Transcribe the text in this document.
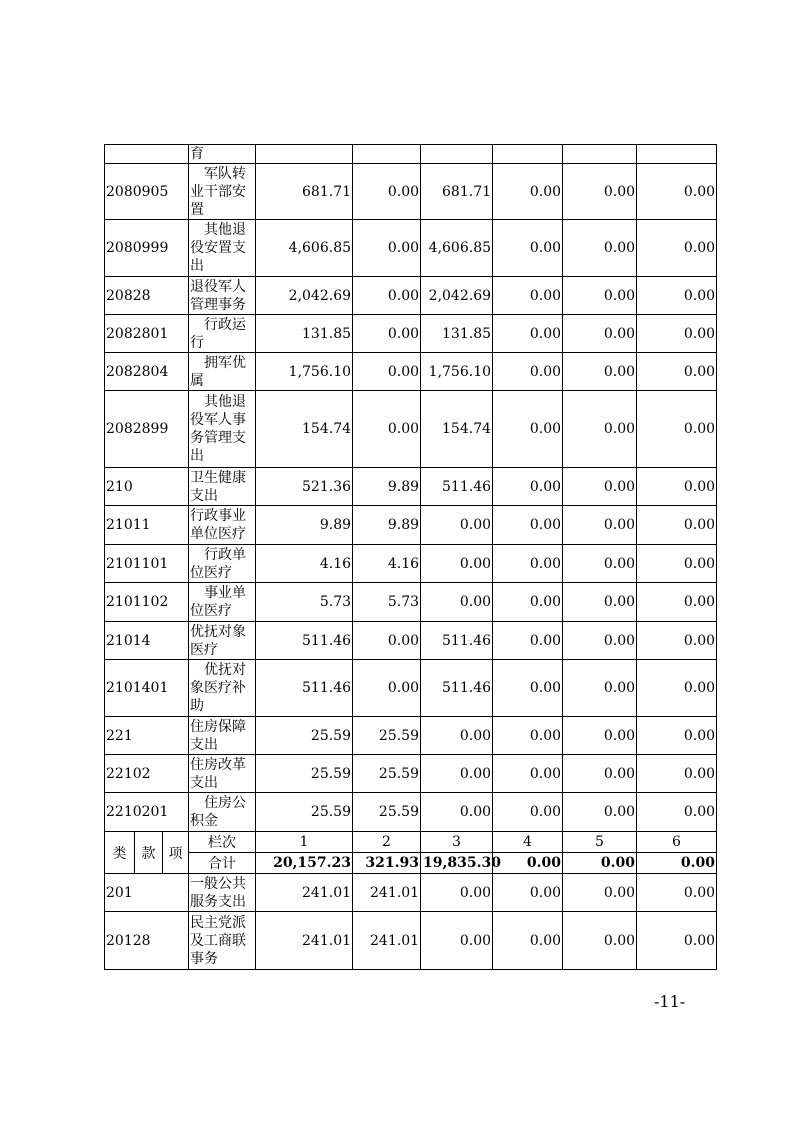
			育						
2080905			军队转业干部安置	681.71	0.00	681.71	0.00	0.00	0.00
2080999			其他退役安置支出	4,606.85	0.00	4,606.85	0.00	0.00	0.00
20828			退役军人管理事务	2,042.69	0.00	2,042.69	0.00	0.00	0.00
2082801			行政运行	131.85	0.00	131.85	0.00	0.00	0.00
2082804			拥军优属	1,756.10	0.00	1,756.10	0.00	0.00	0.00
2082899			其他退役军人事务管理支出	154.74	0.00	154.74	0.00	0.00	0.00
210			卫生健康支出	521.36	9.89	511.46	0.00	0.00	0.00
21011			行政事业单位医疗	9.89	9.89	0.00	0.00	0.00	0.00
2101101			行政单位医疗	4.16	4.16	0.00	0.00	0.00	0.00
2101102			事业单位医疗	5.73	5.73	0.00	0.00	0.00	0.00
21014			优抚对象医疗	511.46	0.00	511.46	0.00	0.00	0.00
2101401			优抚对象医疗补助	511.46	0.00	511.46	0.00	0.00	0.00
221			住房保障支出	25.59	25.59	0.00	0.00	0.00	0.00
22102			住房改革支出	25.59	25.59	0.00	0.00	0.00	0.00
2210201			住房公积金	25.59	25.59	0.00	0.00	0.00	0.00
类	款	项	栏次	1	2	3	4	5	6
			合计	20,157.23	321.93	19,835.30	0.00	0.00	0.00
201			一般公共服务支出	241.01	241.01	0.00	0.00	0.00	0.00
20128			民主党派及工商联事务	241.01	241.01	0.00	0.00	0.00	0.00
-11-
